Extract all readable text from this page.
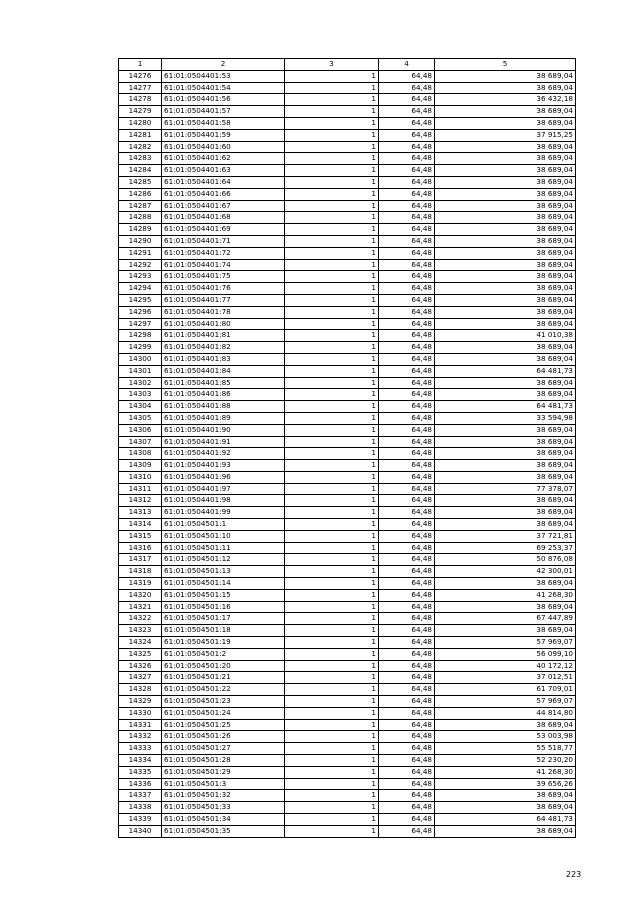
1	2	3	4	5
14276	61:01:0504401:53	1	64,48	38 689,04
14277	61:01:0504401:54	1	64,48	38 689,04
14278	61:01:0504401:56	1	64,48	36 432,18
14279	61:01:0504401:57	1	64,48	38 689,04
14280	61:01:0504401:58	1	64,48	38 689,04
14281	61:01:0504401:59	1	64,48	37 915,25
14282	61:01:0504401:60	1	64,48	38 689,04
14283	61:01:0504401:62	1	64,48	38 689,04
14284	61:01:0504401:63	1	64,48	38 689,04
14285	61:01:0504401:64	1	64,48	38 689,04
14286	61:01:0504401:66	1	64,48	38 689,04
14287	61:01:0504401:67	1	64,48	38 689,04
14288	61:01:0504401:68	1	64,48	38 689,04
14289	61:01:0504401:69	1	64,48	38 689,04
14290	61:01:0504401:71	1	64,48	38 689,04
14291	61:01:0504401:72	1	64,48	38 689,04
14292	61:01:0504401:74	1	64,48	38 689,04
14293	61:01:0504401:75	1	64,48	38 689,04
14294	61:01:0504401:76	1	64,48	38 689,04
14295	61:01:0504401:77	1	64,48	38 689,04
14296	61:01:0504401:78	1	64,48	38 689,04
14297	61:01:0504401:80	1	64,48	38 689,04
14298	61:01:0504401:81	1	64,48	41 010,38
14299	61:01:0504401:82	1	64,48	38 689,04
14300	61:01:0504401:83	1	64,48	38 689,04
14301	61:01:0504401:84	1	64,48	64 481,73
14302	61:01:0504401:85	1	64,48	38 689,04
14303	61:01:0504401:86	1	64,48	38 689,04
14304	61:01:0504401:88	1	64,48	64 481,73
14305	61:01:0504401:89	1	64,48	33 594,98
14306	61:01:0504401:90	1	64,48	38 689,04
14307	61:01:0504401:91	1	64,48	38 689,04
14308	61:01:0504401:92	1	64,48	38 689,04
14309	61:01:0504401:93	1	64,48	38 689,04
14310	61:01:0504401:96	1	64,48	38 689,04
14311	61:01:0504401:97	1	64,48	77 378,07
14312	61:01:0504401:98	1	64,48	38 689,04
14313	61:01:0504401:99	1	64,48	38 689,04
14314	61:01:0504501:1	1	64,48	38 689,04
14315	61:01:0504501:10	1	64,48	37 721,81
14316	61:01:0504501:11	1	64,48	69 253,37
14317	61:01:0504501:12	1	64,48	50 876,08
14318	61:01:0504501:13	1	64,48	42 300,01
14319	61:01:0504501:14	1	64,48	38 689,04
14320	61:01:0504501:15	1	64,48	41 268,30
14321	61:01:0504501:16	1	64,48	38 689,04
14322	61:01:0504501:17	1	64,48	67 447,89
14323	61:01:0504501:18	1	64,48	38 689,04
14324	61:01:0504501:19	1	64,48	57 969,07
14325	61:01:0504501:2	1	64,48	56 099,10
14326	61:01:0504501:20	1	64,48	40 172,12
14327	61:01:0504501:21	1	64,48	37 012,51
14328	61:01:0504501:22	1	64,48	61 709,01
14329	61:01:0504501:23	1	64,48	57 969,07
14330	61:01:0504501:24	1	64,48	44 814,80
14331	61:01:0504501:25	1	64,48	38 689,04
14332	61:01:0504501:26	1	64,48	53 003,98
14333	61:01:0504501:27	1	64,48	55 518,77
14334	61:01:0504501:28	1	64,48	52 230,20
14335	61:01:0504501:29	1	64,48	41 268,30
14336	61:01:0504501:3	1	64,48	39 656,26
14337	61:01:0504501:32	1	64,48	38 689,04
14338	61:01:0504501:33	1	64,48	38 689,04
14339	61:01:0504501:34	1	64,48	64 481,73
14340	61:01:0504501:35	1	64,48	38 689,04
223
